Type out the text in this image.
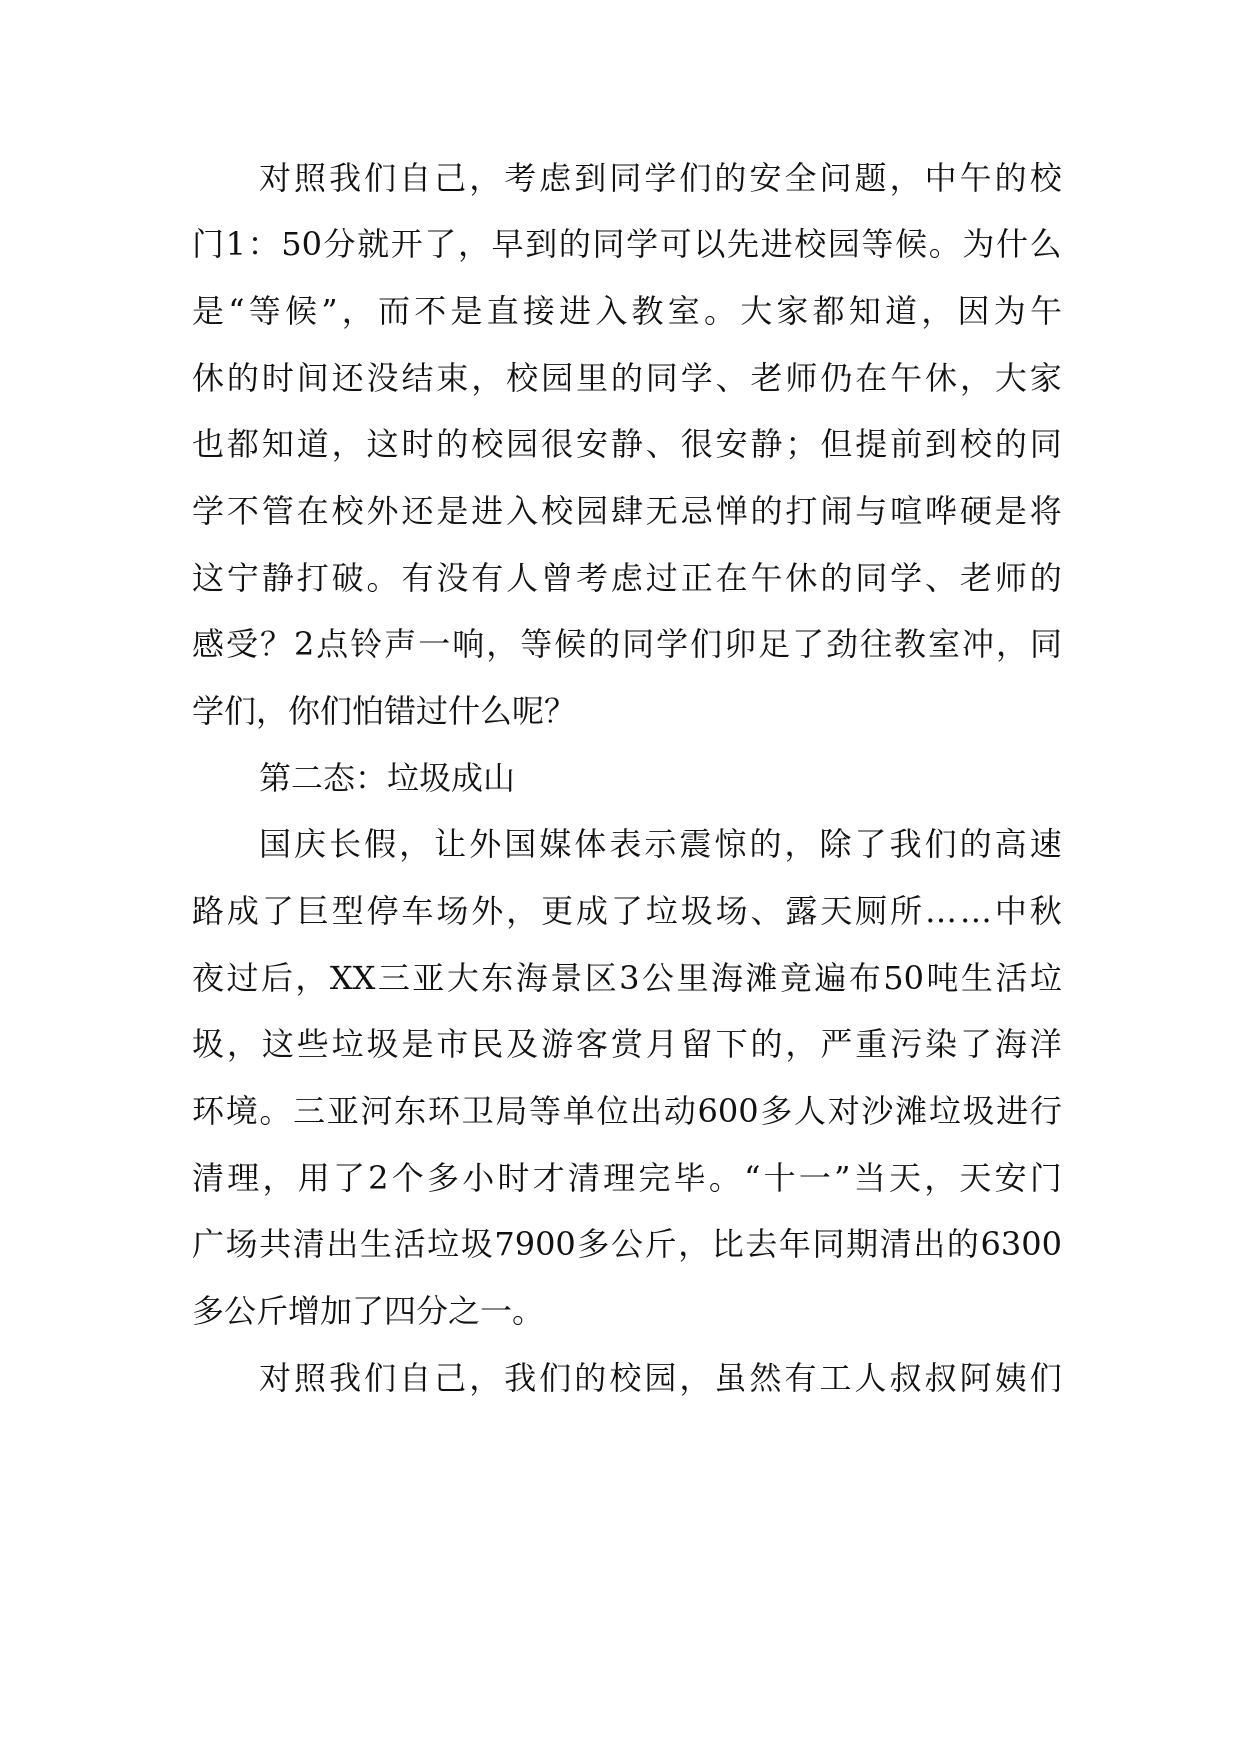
对 照 我 们 自 己 ， 考 虑 到 同 学 们 的 安 全 问 题 ， 中 午 的 校
门 1 ： 50 分 就 开 了 ， 早 到 的 同 学 可 以 先 进 校 园 等 候 。 为 什 么
是 “ 等 候 ” ， 而 不 是 直 接 进 入 教 室 。 大 家 都 知 道 ， 因 为 午
休 的 时 间 还 没 结 束 ， 校 园 里 的 同 学 、 老 师 仍 在 午 休 ， 大 家
也 都 知 道 ， 这 时 的 校 园 很 安 静 、 很 安 静 ； 但 提 前 到 校 的 同
学 不 管 在 校 外 还 是 进 入 校 园 肆 无 忌 惮 的 打 闹 与 喧 哗 硬 是 将
这 宁 静 打 破 。 有 没 有 人 曾 考 虑 过 正 在 午 休 的 同 学 、 老 师 的
感 受 ？ 2 点 铃 声 一 响 ， 等 候 的 同 学 们 卯 足 了 劲 往 教 室 冲 ， 同
学们，你们怕错过什么呢？
第二态：垃圾成山
国 庆 长 假 ， 让 外 国 媒 体 表 示 震 惊 的 ， 除 了 我 们 的 高 速
路 成 了 巨 型 停 车 场 外 ， 更 成 了 垃 圾 场 、 露 天 厕 所 … … 中 秋
夜 过 后 ， XX 三 亚 大 东 海 景 区 3 公 里 海 滩 竟 遍 布 50 吨 生 活 垃
圾 ， 这 些 垃 圾 是 市 民 及 游 客 赏 月 留 下 的 ， 严 重 污 染 了 海 洋
环 境 。 三 亚 河 东 环 卫 局 等 单 位 出 动 600 多 人 对 沙 滩 垃 圾 进 行
清 理 ， 用 了 2 个 多 小 时 才 清 理 完 毕 。 “ 十 一 ” 当 天 ， 天 安 门
广 场 共 清 出 生 活 垃 圾 7900 多 公 斤 ， 比 去 年 同 期 清 出 的 6300
多公斤增加了四分之一。
对 照 我 们 自 己 ， 我 们 的 校 园 ， 虽 然 有 工 人 叔 叔 阿 姨 们
